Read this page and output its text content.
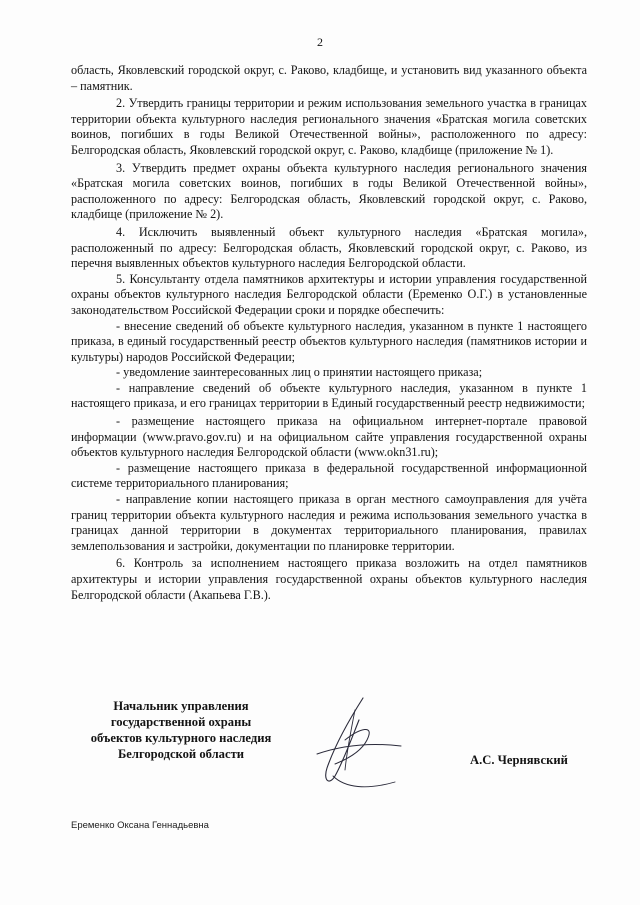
2

область, Яковлевский городской округ, с. Раково, кладбище, и установить вид указанного объекта – памятник.

2. Утвердить границы территории и режим использования земельного участка в границах территории объекта культурного наследия регионального значения «Братская могила советских воинов, погибших в годы Великой Отечественной войны», расположенного по адресу: Белгородская область, Яковлевский городской округ, с. Раково, кладбище (приложение № 1).

3. Утвердить предмет охраны объекта культурного наследия регионального значения «Братская могила советских воинов, погибших в годы Великой Отечественной войны», расположенного по адресу: Белгородская область, Яковлевский городской округ, с. Раково, кладбище (приложение № 2).

4. Исключить выявленный объект культурного наследия «Братская могила», расположенный по адресу: Белгородская область, Яковлевский городской округ, с. Раково, из перечня выявленных объектов культурного наследия Белгородской области.

5. Консультанту отдела памятников архитектуры и истории управления государственной охраны объектов культурного наследия Белгородской области (Еременко О.Г.) в установленные законодательством Российской Федерации сроки и порядке обеспечить:

- внесение сведений об объекте культурного наследия, указанном в пункте 1 настоящего приказа, в единый государственный реестр объектов культурного наследия (памятников истории и культуры) народов Российской Федерации;

- уведомление заинтересованных лиц о принятии настоящего приказа;

- направление сведений об объекте культурного наследия, указанном в пункте 1 настоящего приказа, и его границах территории в Единый государственный реестр недвижимости;

- размещение настоящего приказа на официальном интернет-портале правовой информации (www.pravo.gov.ru) и на официальном сайте управления государственной охраны объектов культурного наследия Белгородской области (www.okn31.ru);

- размещение настоящего приказа в федеральной государственной информационной системе территориального планирования;

- направление копии настоящего приказа в орган местного самоуправления для учёта границ территории объекта культурного наследия и режима использования земельного участка в границах данной территории в документах территориального планирования, правилах землепользования и застройки, документации по планировке территории.

6. Контроль за исполнением настоящего приказа возложить на отдел памятников архитектуры и истории управления государственной охраны объектов культурного наследия Белгородской области (Акапьева Г.В.).

Начальник управления
государственной охраны
объектов культурного наследия
Белгородской области	А.С. Чернявский
Еременко Оксана Геннадьевна
